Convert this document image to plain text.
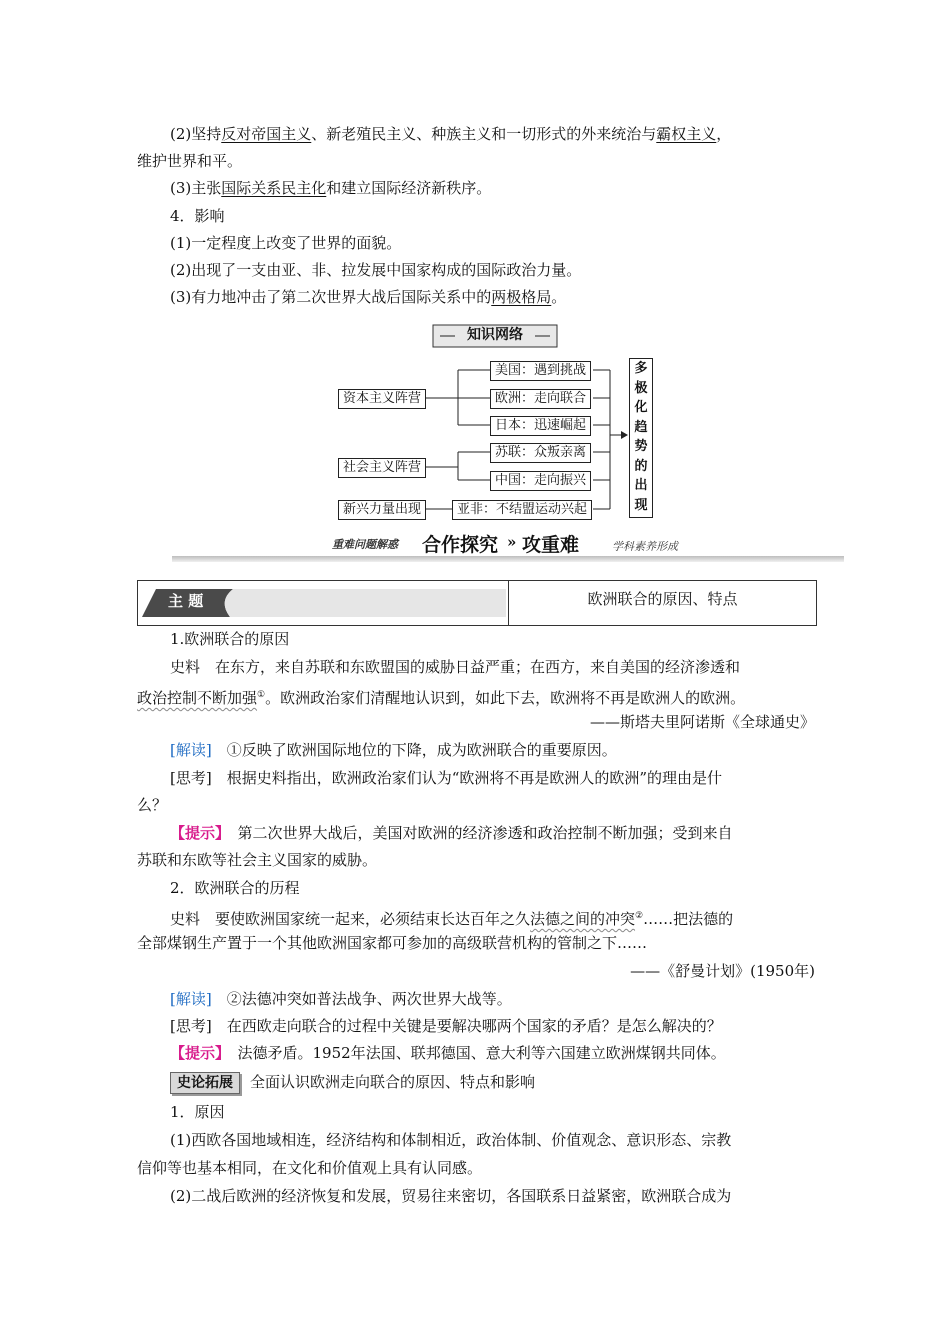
(2)坚持反对帝国主义、新老殖民主义、种族主义和一切形式的外来统治与霸权主义，
维护世界和平。
(3)主张国际关系民主化和建立国际经济新秩序。
4．影响
(1)一定程度上改变了世界的面貌。
(2)出现了一支由亚、非、拉发展中国家构成的国际政治力量。
(3)有力地冲击了第二次世界大战后国际关系中的两极格局。
知识网络
资本主义阵营
社会主义阵营
新兴力量出现
美国：遇到挑战
欧洲：走向联合
日本：迅速崛起
苏联：众叛亲离
中国：走向振兴
亚非：不结盟运动兴起
多
极
化
趋
势
的
出
现
重难问题解惑 合作探究 » 攻重难	学科素养形成
主 题	欧洲联合的原因、特点
1.欧洲联合的原因
史料　在东方，来自苏联和东欧盟国的威胁日益严重；在西方，来自美国的经济渗透和
政治控制不断加强①。欧洲政治家们清醒地认识到，如此下去，欧洲将不再是欧洲人的欧洲。
——斯塔夫里阿诺斯《全球通史》
[解读]　①反映了欧洲国际地位的下降，成为欧洲联合的重要原因。
[思考]　根据史料指出，欧洲政治家们认为“欧洲将不再是欧洲人的欧洲”的理由是什
么？
【提示】　第二次世界大战后，美国对欧洲的经济渗透和政治控制不断加强；受到来自
苏联和东欧等社会主义国家的威胁。
2．欧洲联合的历程
史料　要使欧洲国家统一起来，必须结束长达百年之久法德之间的冲突②……把法德的
全部煤钢生产置于一个其他欧洲国家都可参加的高级联营机构的管制之下……
——《舒曼计划》(1950年)
[解读]　②法德冲突如普法战争、两次世界大战等。
[思考]　在西欧走向联合的过程中关键是要解决哪两个国家的矛盾？是怎么解决的？
【提示】　法德矛盾。1952年法国、联邦德国、意大利等六国建立欧洲煤钢共同体。
史论拓展 全面认识欧洲走向联合的原因、特点和影响
1．原因
(1)西欧各国地域相连，经济结构和体制相近，政治体制、价值观念、意识形态、宗教
信仰等也基本相同，在文化和价值观上具有认同感。
(2)二战后欧洲的经济恢复和发展，贸易往来密切，各国联系日益紧密，欧洲联合成为
